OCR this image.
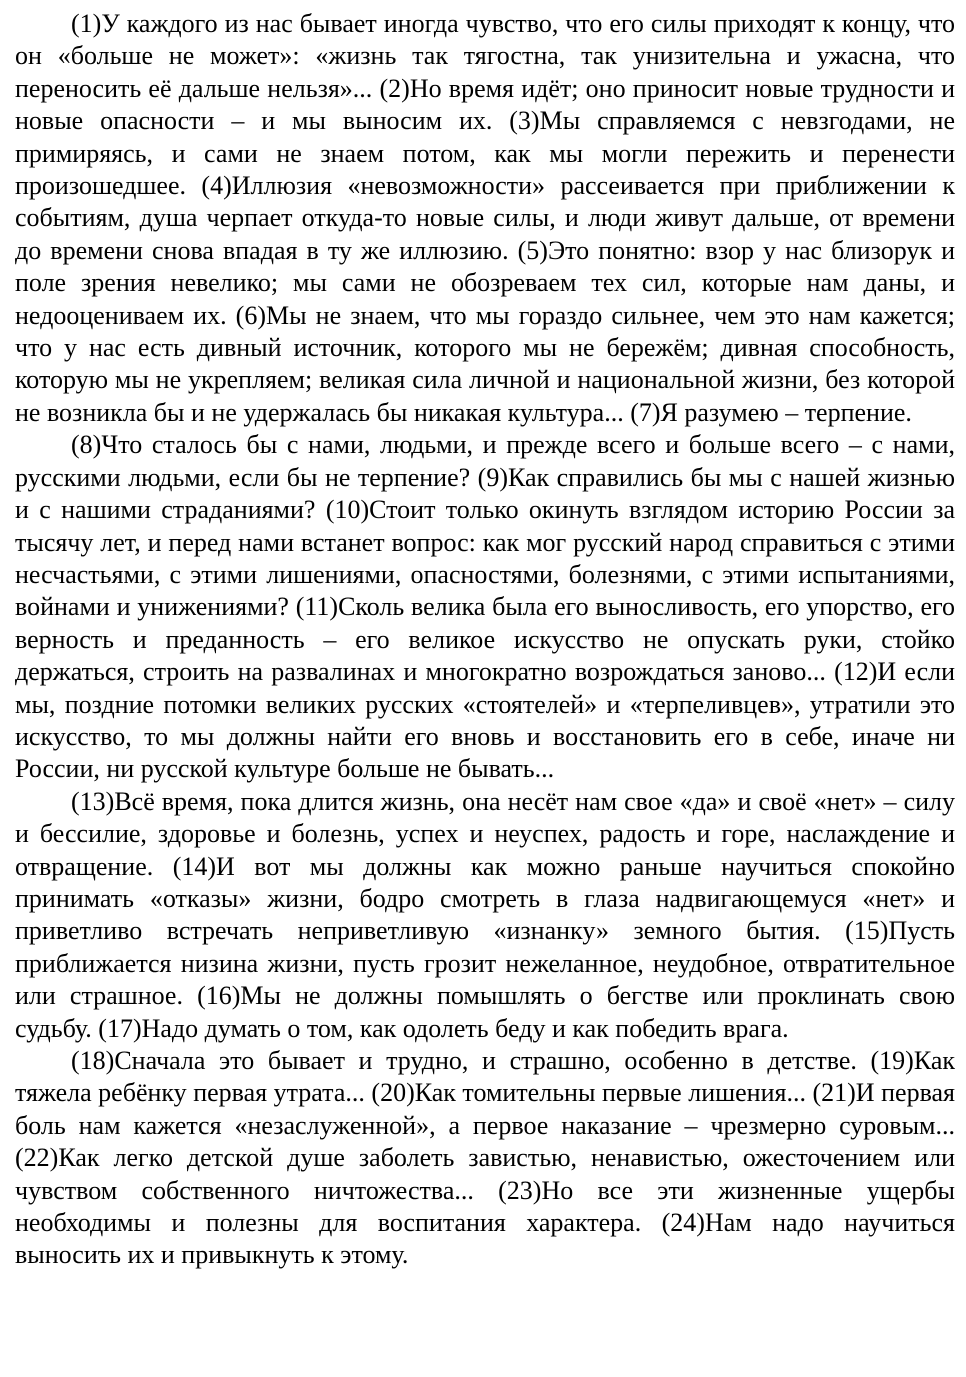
(1)У каждого из нас бывает иногда чувство, что его силы приходят к концу, что он «больше не может»: «жизнь так тягостна, так унизительна и ужасна, что переносить её дальше нельзя»... (2)Но время идёт; оно приносит новые трудности и новые опасности – и мы выносим их. (3)Мы справляемся с невзгодами, не примиряясь, и сами не знаем потом, как мы могли пережить и перенести произошедшее. (4)Иллюзия «невозможности» рассеивается при приближении к событиям, душа черпает откуда-то новые силы, и люди живут дальше, от времени до времени снова впадая в ту же иллюзию. (5)Это понятно: взор у нас близорук и поле зрения невелико; мы сами не обозреваем тех сил, которые нам даны, и недооцениваем их. (6)Мы не знаем, что мы гораздо сильнее, чем это нам кажется; что у нас есть дивный источник, которого мы не бережём; дивная способность, которую мы не укрепляем; великая сила личной и национальной жизни, без которой не возникла бы и не удержалась бы никакая культура... (7)Я разумею – терпение.

(8)Что сталось бы с нами, людьми, и прежде всего и больше всего – с нами, русскими людьми, если бы не терпение? (9)Как справились бы мы с нашей жизнью и с нашими страданиями? (10)Стоит только окинуть взглядом историю России за тысячу лет, и перед нами встанет вопрос: как мог русский народ справиться с этими несчастьями, с этими лишениями, опасностями, болезнями, с этими испытаниями, войнами и унижениями? (11)Сколь велика была его выносливость, его упорство, его верность и преданность – его великое искусство не опускать руки, стойко держаться, строить на развалинах и многократно возрождаться заново... (12)И если мы, поздние потомки великих русских «стоятелей» и «терпеливцев», утратили это искусство, то мы должны найти его вновь и восстановить его в себе, иначе ни России, ни русской культуре больше не бывать...

(13)Всё время, пока длится жизнь, она несёт нам свое «да» и своё «нет» – силу и бессилие, здоровье и болезнь, успех и неуспех, радость и горе, наслаждение и отвращение. (14)И вот мы должны как можно раньше научиться спокойно принимать «отказы» жизни, бодро смотреть в глаза надвигающемуся «нет» и приветливо встречать неприветливую «изнанку» земного бытия. (15)Пусть приближается низина жизни, пусть грозит нежеланное, неудобное, отвратительное или страшное. (16)Мы не должны помышлять о бегстве или проклинать свою судьбу. (17)Надо думать о том, как одолеть беду и как победить врага.

(18)Сначала это бывает и трудно, и страшно, особенно в детстве. (19)Как тяжела ребёнку первая утрата... (20)Как томительны первые лишения... (21)И первая боль нам кажется «незаслуженной», а первое наказание – чрезмерно суровым... (22)Как легко детской душе заболеть завистью, ненавистью, ожесточением или чувством собственного ничтожества... (23)Но все эти жизненные ущербы необходимы и полезны для воспитания характера. (24)Нам надо научиться выносить их и привыкнуть к этому.
